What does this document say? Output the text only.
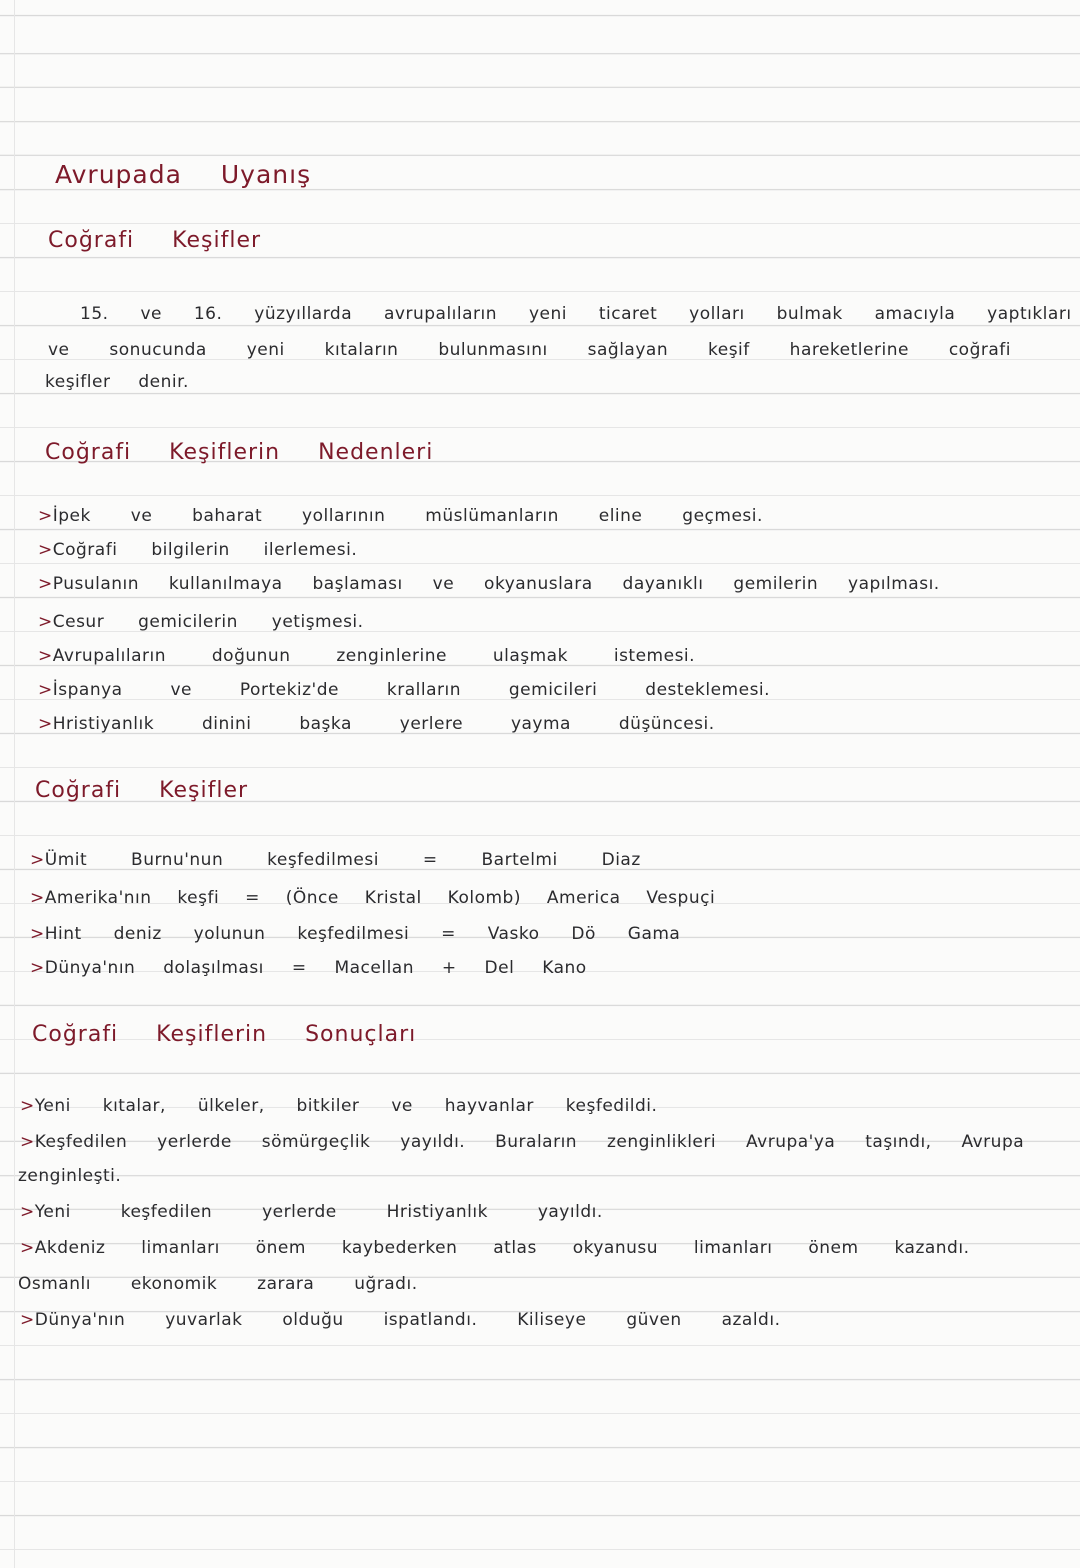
Avrupada Uyanış
Coğrafi Keşifler
15. ve 16. yüzyıllarda avrupalıların yeni ticaret yolları bulmak amacıyla yaptıkları
ve sonucunda yeni kıtaların bulunmasını sağlayan keşif hareketlerine coğrafi
keşifler denir.
Coğrafi Keşiflerin Nedenleri
>İpek ve baharat yollarının müslümanların eline geçmesi.
>Coğrafi bilgilerin ilerlemesi.
>Pusulanın kullanılmaya başlaması ve okyanuslara dayanıklı gemilerin yapılması.
>Cesur gemicilerin yetişmesi.
>Avrupalıların doğunun zenginlerine ulaşmak istemesi.
>İspanya ve Portekiz'de kralların gemicileri desteklemesi.
>Hristiyanlık dinini başka yerlere yayma düşüncesi.
Coğrafi Keşifler
>Ümit Burnu'nun keşfedilmesi = Bartelmi Diaz
>Amerika'nın keşfi = (Önce Kristal Kolomb) America Vespuçi
>Hint deniz yolunun keşfedilmesi = Vasko Dö Gama
>Dünya'nın dolaşılması = Macellan + Del Kano
Coğrafi Keşiflerin Sonuçları
>Yeni kıtalar, ülkeler, bitkiler ve hayvanlar keşfedildi.
>Keşfedilen yerlerde sömürgeçlik yayıldı. Buraların zenginlikleri Avrupa'ya taşındı, Avrupa
zenginleşti.
>Yeni keşfedilen yerlerde Hristiyanlık yayıldı.
>Akdeniz limanları önem kaybederken atlas okyanusu limanları önem kazandı.
Osmanlı ekonomik zarara uğradı.
>Dünya'nın yuvarlak olduğu ispatlandı. Kiliseye güven azaldı.
